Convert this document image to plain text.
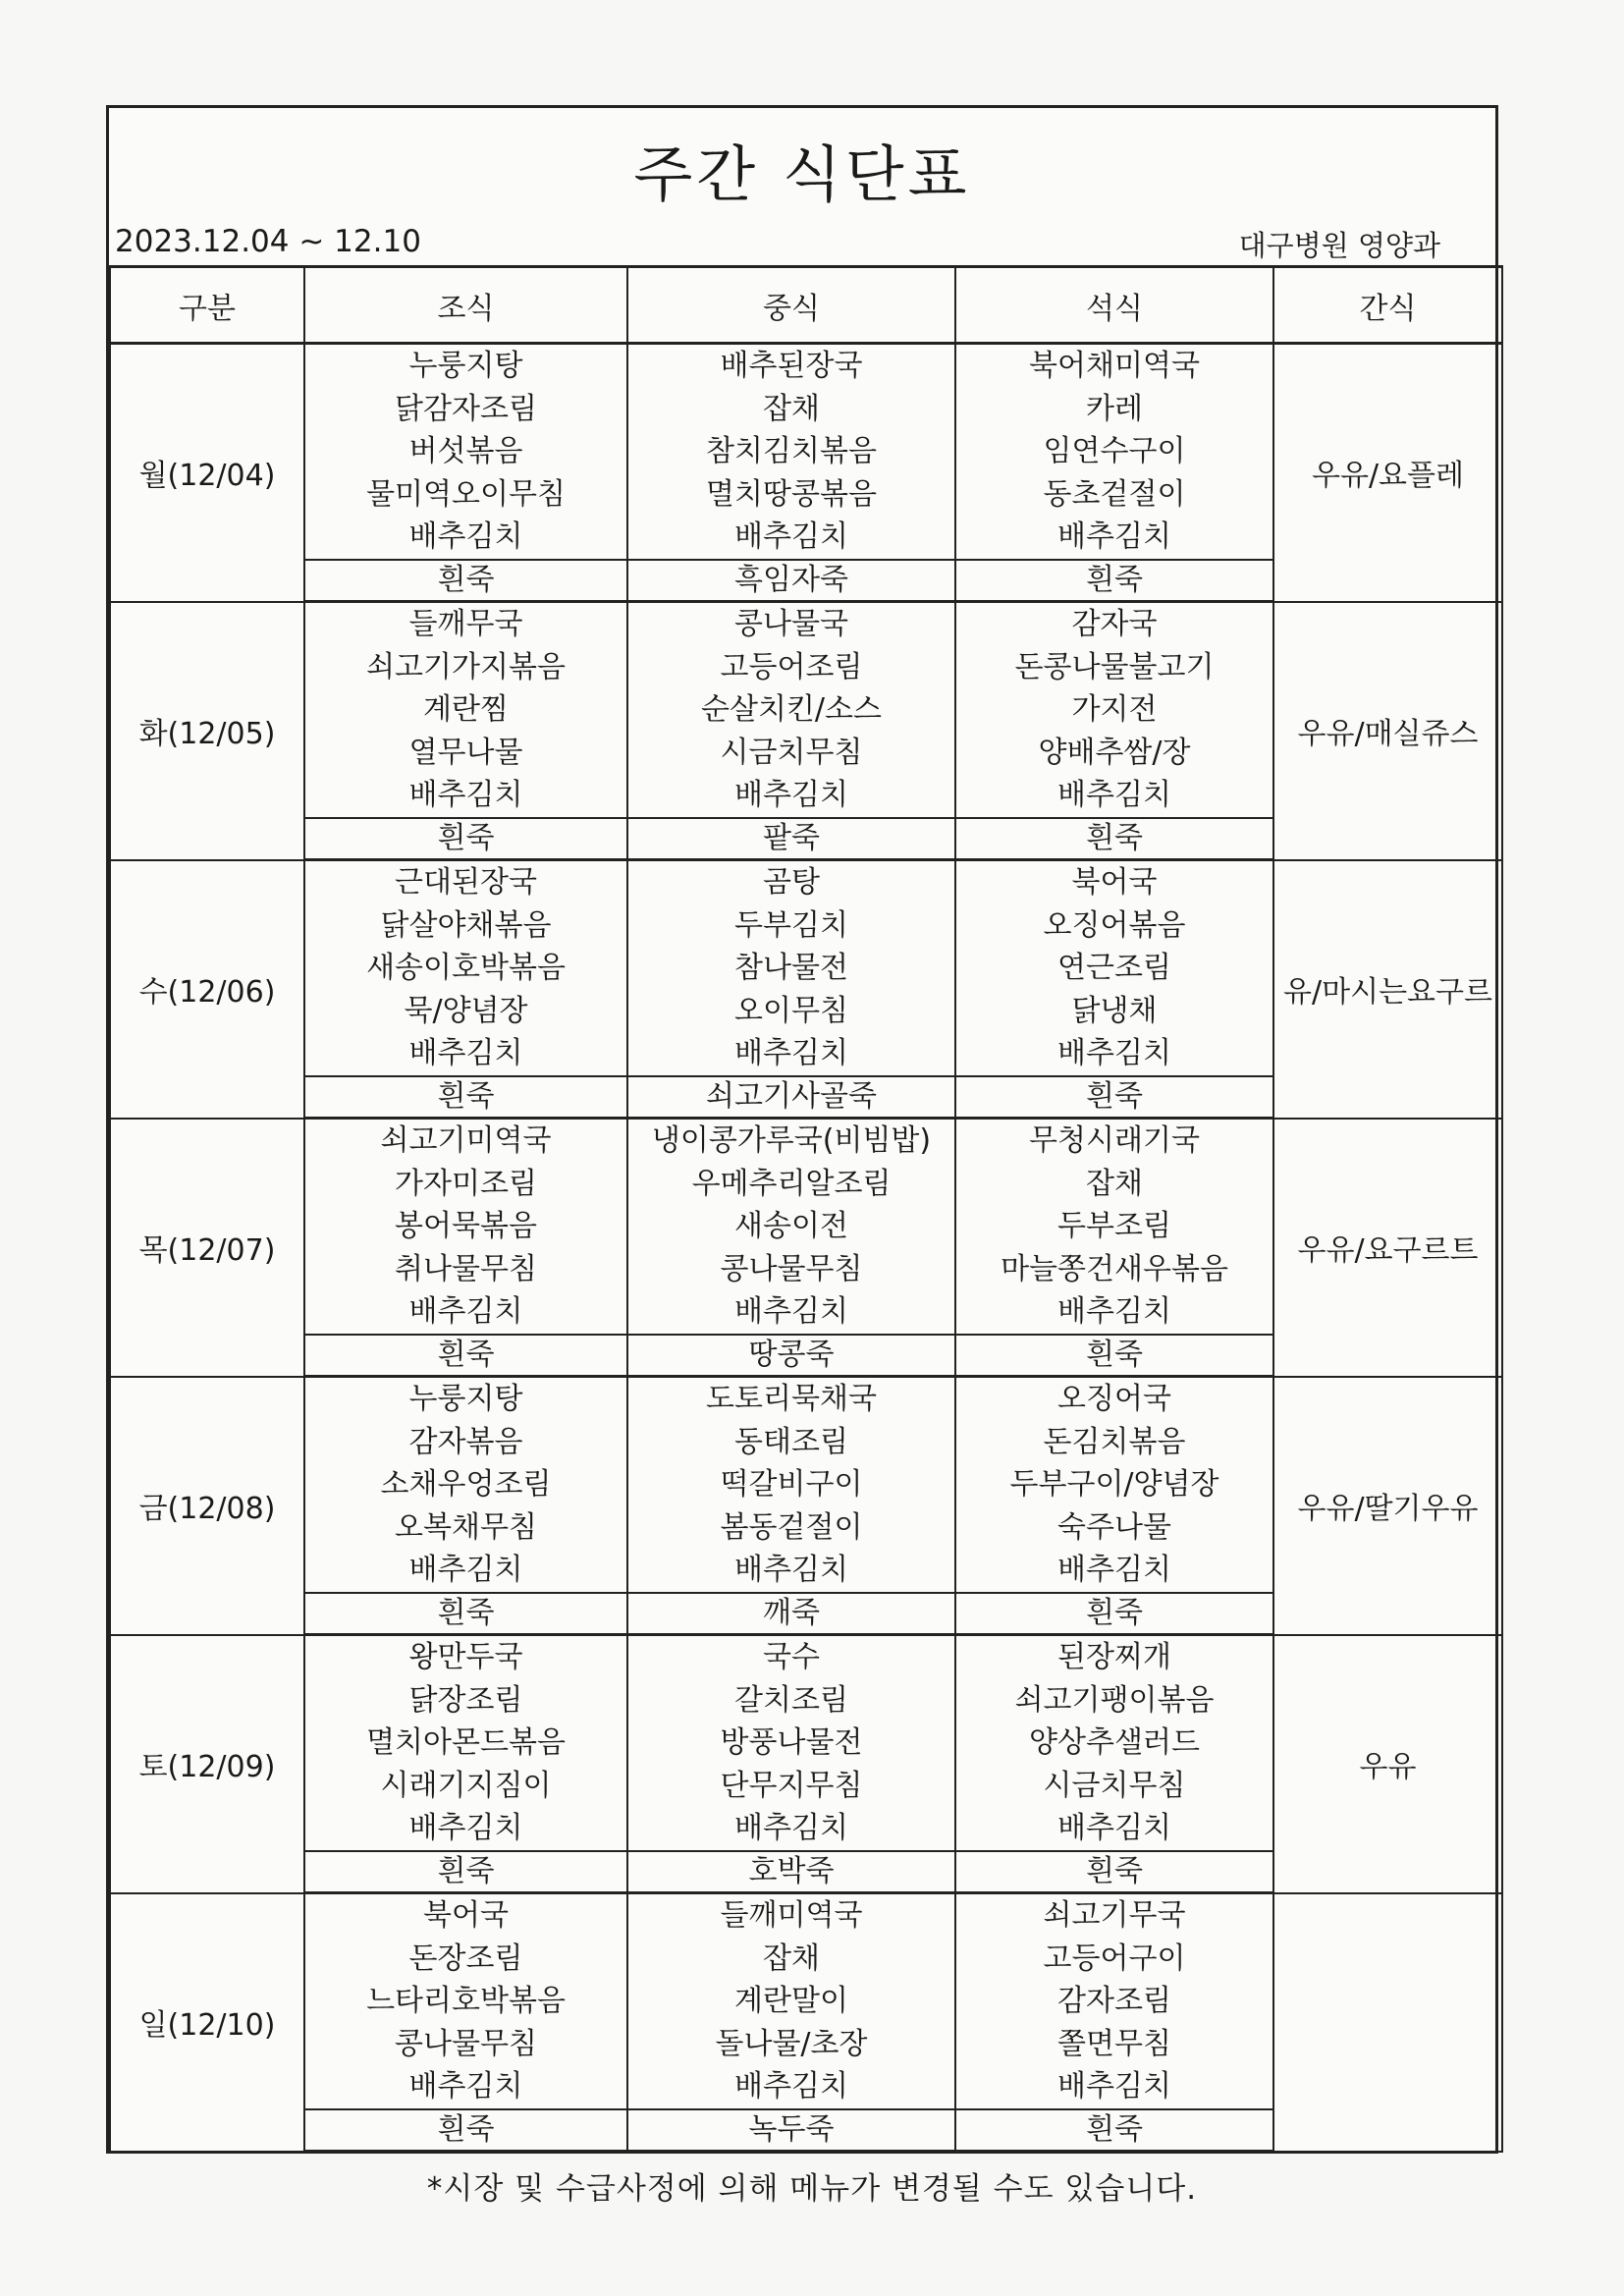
주간 식단표
2023.12.04 ~ 12.10	대구병원 영양과
구분	조식	중식	석식	간식
월(12/04)	누룽지탕
닭감자조림
버섯볶음
물미역오이무침
배추김치	배추된장국
잡채
참치김치볶음
멸치땅콩볶음
배추김치	북어채미역국
카레
임연수구이
동초겉절이
배추김치	우유/요플레
	흰죽	흑임자죽	흰죽	
화(12/05)	들깨무국
쇠고기가지볶음
계란찜
열무나물
배추김치	콩나물국
고등어조림
순살치킨/소스
시금치무침
배추김치	감자국
돈콩나물불고기
가지전
양배추쌈/장
배추김치	우유/매실쥬스
	흰죽	팥죽	흰죽	
수(12/06)	근대된장국
닭살야채볶음
새송이호박볶음
묵/양념장
배추김치	곰탕
두부김치
참나물전
오이무침
배추김치	북어국
오징어볶음
연근조림
닭냉채
배추김치	유/마시는요구르
	흰죽	쇠고기사골죽	흰죽	
목(12/07)	쇠고기미역국
가자미조림
봉어묵볶음
취나물무침
배추김치	냉이콩가루국(비빔밥)
우메추리알조림
새송이전
콩나물무침
배추김치	무청시래기국
잡채
두부조림
마늘쫑건새우볶음
배추김치	우유/요구르트
	흰죽	땅콩죽	흰죽	
금(12/08)	누룽지탕
감자볶음
소채우엉조림
오복채무침
배추김치	도토리묵채국
동태조림
떡갈비구이
봄동겉절이
배추김치	오징어국
돈김치볶음
두부구이/양념장
숙주나물
배추김치	우유/딸기우유
	흰죽	깨죽	흰죽	
토(12/09)	왕만두국
닭장조림
멸치아몬드볶음
시래기지짐이
배추김치	국수
갈치조림
방풍나물전
단무지무침
배추김치	된장찌개
쇠고기팽이볶음
양상추샐러드
시금치무침
배추김치	우유
	흰죽	호박죽	흰죽	
일(12/10)	북어국
돈장조림
느타리호박볶음
콩나물무침
배추김치	들깨미역국
잡채
계란말이
돌나물/초장
배추김치	쇠고기무국
고등어구이
감자조림
쫄면무침
배추김치	

	흰죽	녹두죽	흰죽	
*시장 및 수급사정에 의해 메뉴가 변경될 수도 있습니다.
